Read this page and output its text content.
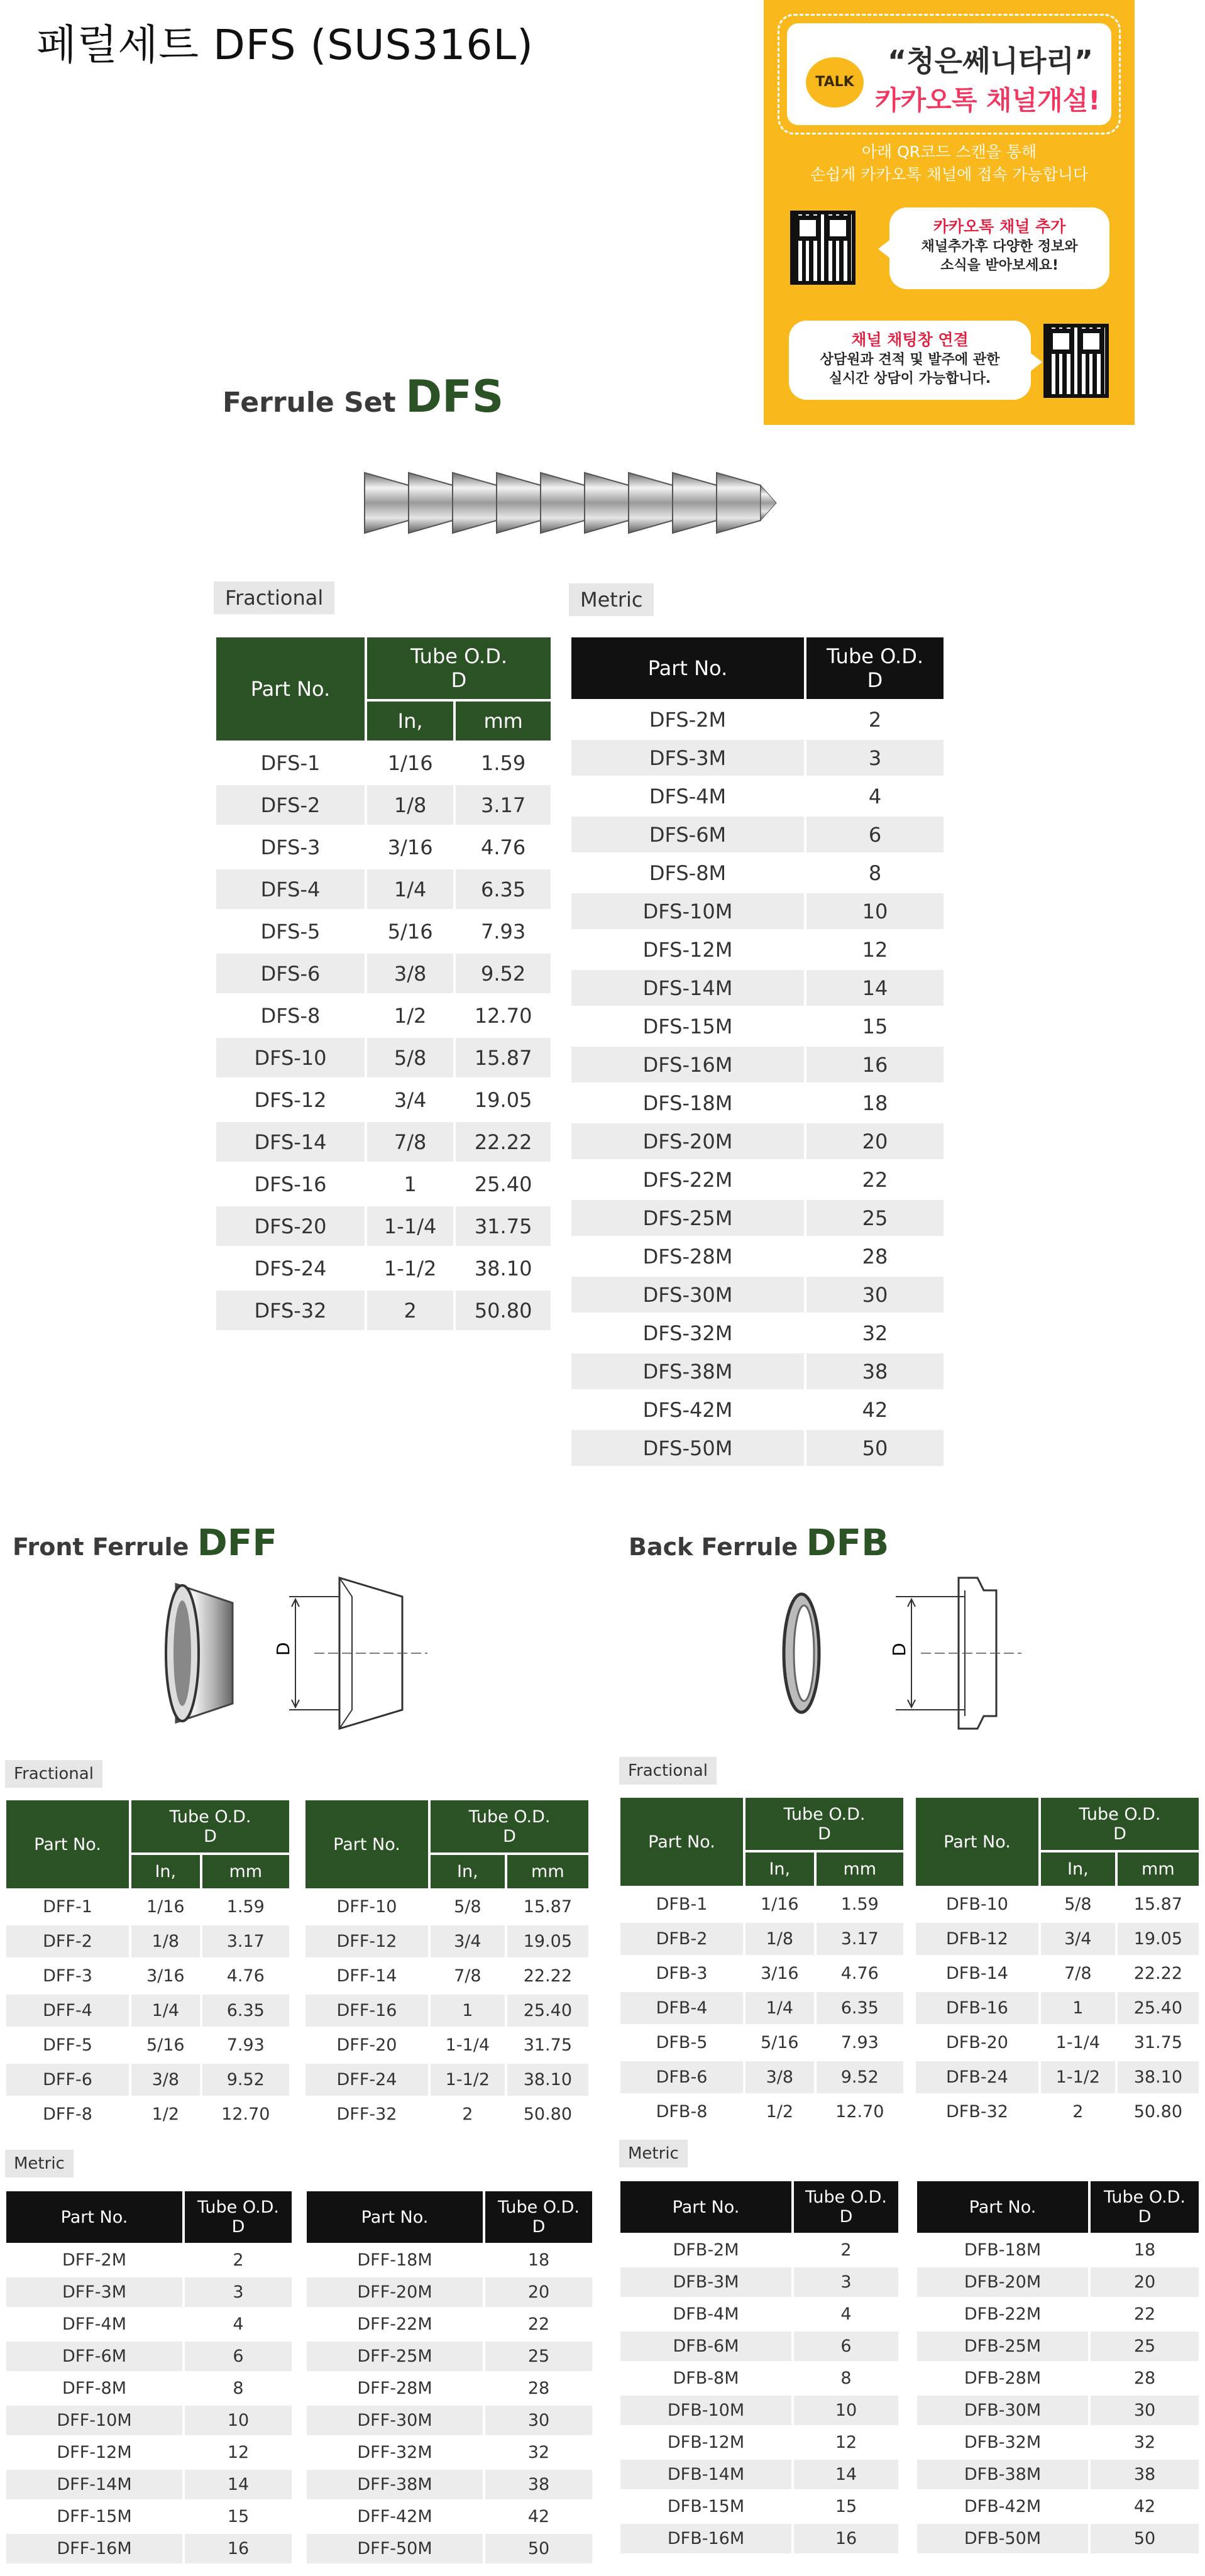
페럴세트 DFS (SUS316L)
TALK
“청은쎄니타리”
카카오톡 채널개설!
아래 QR코드 스캔을 통해
손쉽게 카카오톡 채널에 접속 가능합니다
카카오톡 채널 추가
채널추가후 다양한 정보와
소식을 받아보세요!
채널 채팅창 연결
상담원과 견적 및 발주에 관한
실시간 상담이 가능합니다.
Ferrule Set DFS
Fractional
Part No.	Tube O.D.
D	
	In,	mm
DFS-1	1/16	1.59
DFS-2	1/8	3.17
DFS-3	3/16	4.76
DFS-4	1/4	6.35
DFS-5	5/16	7.93
DFS-6	3/8	9.52
DFS-8	1/2	12.70
DFS-10	5/8	15.87
DFS-12	3/4	19.05
DFS-14	7/8	22.22
DFS-16	1	25.40
DFS-20	1-1/4	31.75
DFS-24	1-1/2	38.10
DFS-32	2	50.80
Metric
Part No.	Tube O.D.
D
DFS-2M	2
DFS-3M	3
DFS-4M	4
DFS-6M	6
DFS-8M	8
DFS-10M	10
DFS-12M	12
DFS-14M	14
DFS-15M	15
DFS-16M	16
DFS-18M	18
DFS-20M	20
DFS-22M	22
DFS-25M	25
DFS-28M	28
DFS-30M	30
DFS-32M	32
DFS-38M	38
DFS-42M	42
DFS-50M	50
Front Ferrule DFF
D
Fractional
Part No.	Tube O.D.
D	
	In,	mm
DFF-1	1/16	1.59
DFF-2	1/8	3.17
DFF-3	3/16	4.76
DFF-4	1/4	6.35
DFF-5	5/16	7.93
DFF-6	3/8	9.52
DFF-8	1/2	12.70
Part No.	Tube O.D.
D	
	In,	mm
DFF-10	5/8	15.87
DFF-12	3/4	19.05
DFF-14	7/8	22.22
DFF-16	1	25.40
DFF-20	1-1/4	31.75
DFF-24	1-1/2	38.10
DFF-32	2	50.80
Metric
Part No.	Tube O.D.
D
DFF-2M	2
DFF-3M	3
DFF-4M	4
DFF-6M	6
DFF-8M	8
DFF-10M	10
DFF-12M	12
DFF-14M	14
DFF-15M	15
DFF-16M	16
Part No.	Tube O.D.
D
DFF-18M	18
DFF-20M	20
DFF-22M	22
DFF-25M	25
DFF-28M	28
DFF-30M	30
DFF-32M	32
DFF-38M	38
DFF-42M	42
DFF-50M	50
Back Ferrule DFB
D
Fractional
Part No.	Tube O.D.
D	
	In,	mm
DFB-1	1/16	1.59
DFB-2	1/8	3.17
DFB-3	3/16	4.76
DFB-4	1/4	6.35
DFB-5	5/16	7.93
DFB-6	3/8	9.52
DFB-8	1/2	12.70
Part No.	Tube O.D.
D	
	In,	mm
DFB-10	5/8	15.87
DFB-12	3/4	19.05
DFB-14	7/8	22.22
DFB-16	1	25.40
DFB-20	1-1/4	31.75
DFB-24	1-1/2	38.10
DFB-32	2	50.80
Metric
Part No.	Tube O.D.
D
DFB-2M	2
DFB-3M	3
DFB-4M	4
DFB-6M	6
DFB-8M	8
DFB-10M	10
DFB-12M	12
DFB-14M	14
DFB-15M	15
DFB-16M	16
Part No.	Tube O.D.
D
DFB-18M	18
DFB-20M	20
DFB-22M	22
DFB-25M	25
DFB-28M	28
DFB-30M	30
DFB-32M	32
DFB-38M	38
DFB-42M	42
DFB-50M	50
